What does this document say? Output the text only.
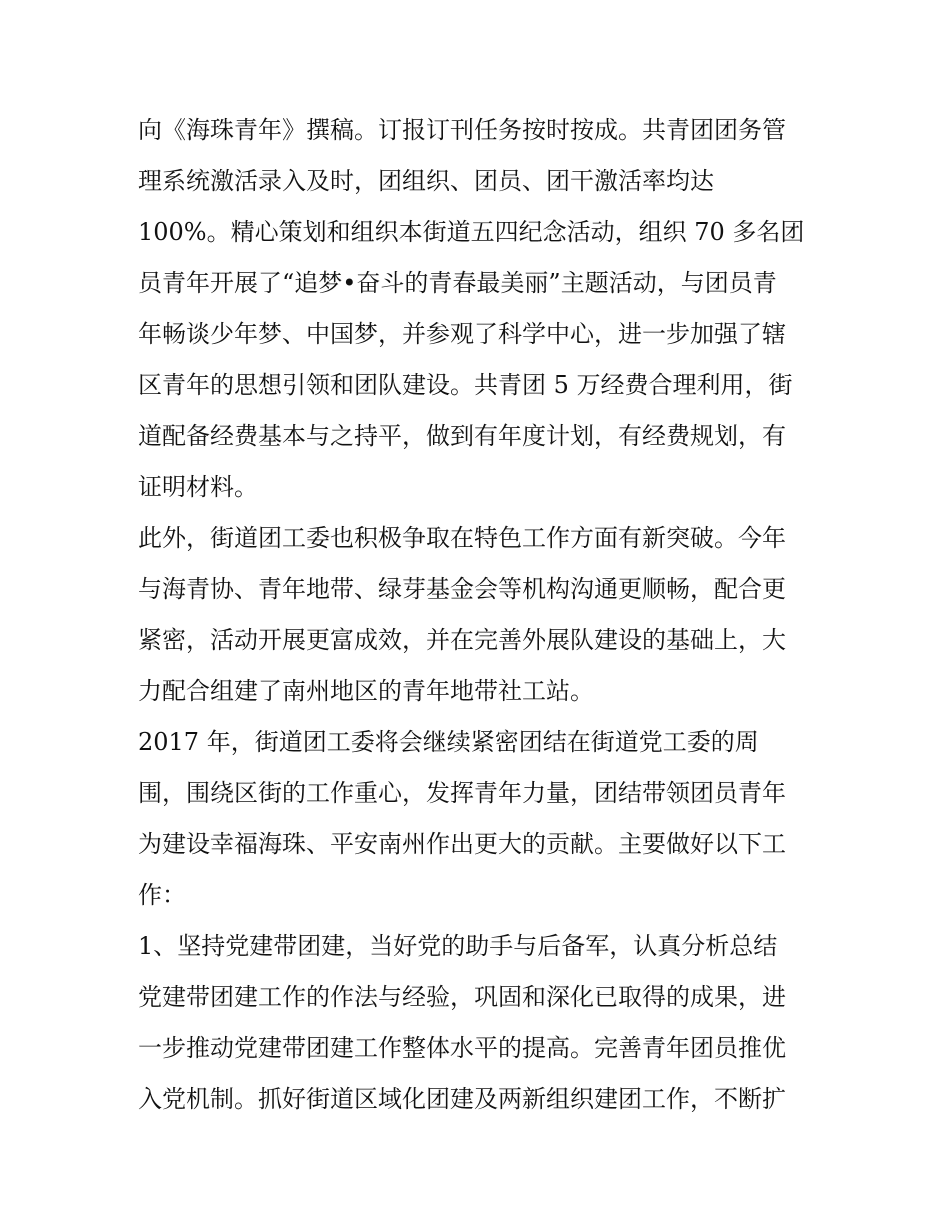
向《海珠青年》撰稿。订报订刊任务按时按成。共青团团务管
理系统激活录入及时，团组织、团员、团干激活率均达
100%。精心策划和组织本街道五四纪念活动，组织 70 多名团
员青年开展了“追梦•奋斗的青春最美丽”主题活动，与团员青
年畅谈少年梦、中国梦，并参观了科学中心，进一步加强了辖
区青年的思想引领和团队建设。共青团 5 万经费合理利用，街
道配备经费基本与之持平，做到有年度计划，有经费规划，有
证明材料。
此外，街道团工委也积极争取在特色工作方面有新突破。今年
与海青协、青年地带、绿芽基金会等机构沟通更顺畅，配合更
紧密，活动开展更富成效，并在完善外展队建设的基础上，大
力配合组建了南州地区的青年地带社工站。
2017 年，街道团工委将会继续紧密团结在街道党工委的周
围，围绕区街的工作重心，发挥青年力量，团结带领团员青年
为建设幸福海珠、平安南州作出更大的贡献。主要做好以下工
作：
1、坚持党建带团建，当好党的助手与后备军，认真分析总结
党建带团建工作的作法与经验，巩固和深化已取得的成果，进
一步推动党建带团建工作整体水平的提高。完善青年团员推优
入党机制。抓好街道区域化团建及两新组织建团工作，不断扩
